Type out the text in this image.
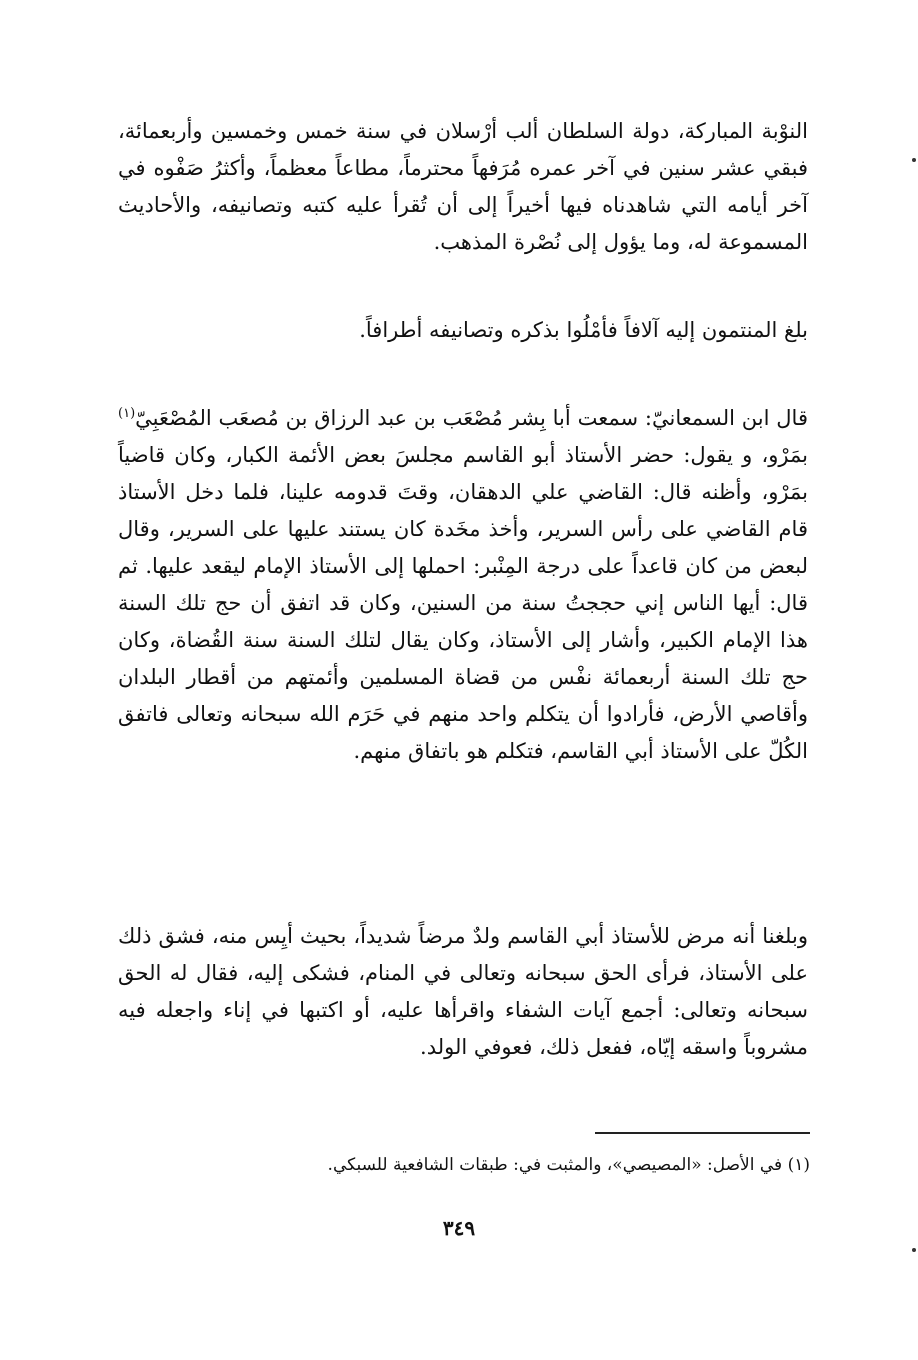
النوْبة المباركة، دولة السلطان ألب أرْسلان في سنة خمس وخمسين وأربعمائة، فبقي عشر سنين في آخر عمره مُرَفهاً محترماً، مطاعاً معظماً، وأكثرُ صَفْوه في آخر أيامه التي شاهدناه فيها أخيراً إلى أن تُقرأ عليه كتبه وتصانيفه، والأحاديث المسموعة له، وما يؤول إلى نُصْرة المذهب.

بلغ المنتمون إليه آلافاً فأمْلُوا بذكره وتصانيفه أطرافاً.

قال ابن السمعانيّ: سمعت أبا بِشر مُصْعَب بن عبد الرزاق بن مُصعَب المُصْعَبِيّ$^{(١)}$ بمَرْو، و يقول: حضر الأستاذ أبو القاسم مجلسَ بعض الأئمة الكبار، وكان قاضياً بمَرْو، وأظنه قال: القاضي علي الدهقان، وقتَ قدومه علينا، فلما دخل الأستاذ قام القاضي على رأس السرير، وأخذ مخَدة كان يستند عليها على السرير، وقال لبعض من كان قاعداً على درجة المِنْبر: احملها إلى الأستاذ الإمام ليقعد عليها. ثم قال: أيها الناس إني حججتُ سنة من السنين، وكان قد اتفق أن حج تلك السنة هذا الإمام الكبير، وأشار إلى الأستاذ، وكان يقال لتلك السنة سنة القُضاة، وكان حج تلك السنة أربعمائة نفْس من قضاة المسلمين وأئمتهم من أقطار البلدان وأقاصي الأرض، فأرادوا أن يتكلم واحد منهم في حَرَم الله سبحانه وتعالى فاتفق الكُلّ على الأستاذ أبي القاسم، فتكلم هو باتفاق منهم.

وبلغنا أنه مرض للأستاذ أبي القاسم ولدٌ مرضاً شديداً، بحيث أيِس منه، فشق ذلك على الأستاذ، فرأى الحق سبحانه وتعالى في المنام، فشكى إليه، فقال له الحق سبحانه وتعالى: أجمع آيات الشفاء واقرأها عليه، أو اكتبها في إناء واجعله فيه مشروباً واسقه إيّاه، ففعل ذلك، فعوفي الولد.

(١) في الأصل: «المصيصي»، والمثبت في: طبقات الشافعية للسبكي.
٣٤٩
